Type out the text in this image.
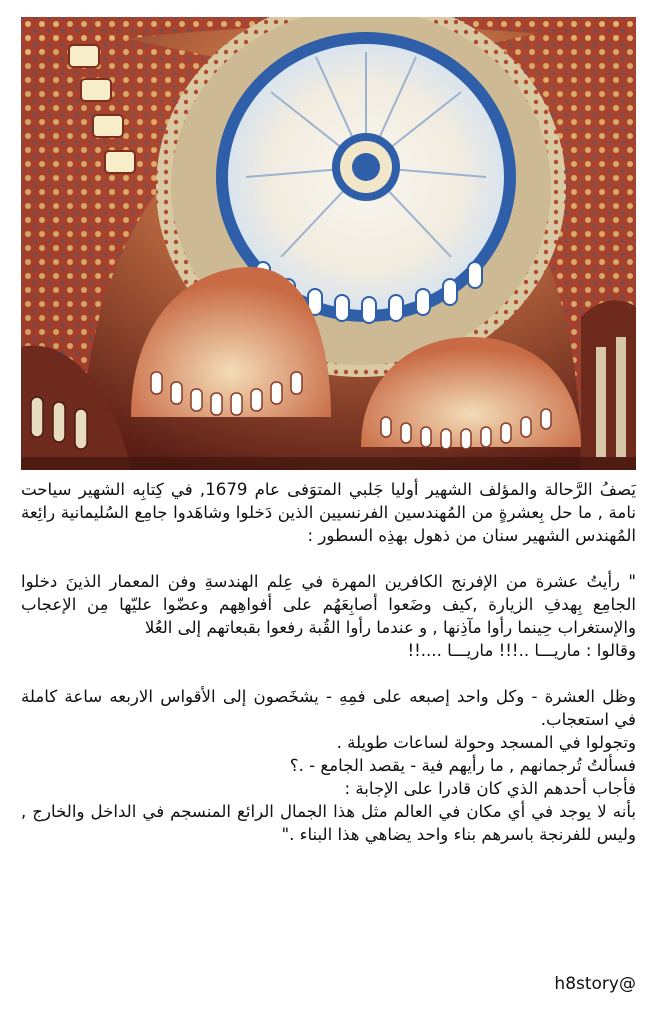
يَصفُ الرَّحالة والمؤلف الشهير أوليا جَلبي المتوَفى عام 1679, في كِتابِه الشهير سياحت نامة , ما حل بِعشرةٍ من المُهندسين الفرنسيين الذين دَخلوا وشاهَدوا جامِع السُليمانية رائِعة المُهندس الشهير سنان من ذهول بهذِه السطور :

" رأيتُ عشرة من الإفرنج الكافرين المهرة في عِلم الهندسةِ وفن المعمار الذينَ دخلوا الجامِع بِهدفِ الزيارة ,كيف وضَعوا أصابِعَهُم على أفواهِهم وعضّوا عليّها مِن الإعجاب والإستغراب حِينما رأوا مآذِنها , و عندما رأوا القُبة رفعوا بقبعاتهم إلى العُلا

وقالوا : ماريـــا ..!!! ماريـــا ....!!

وظل العشرة - وكل واحد إصبعه على فمِهِ - يشخَصون إلى الأقواس الاربعه ساعة كاملة في استعجاب.

وتجولوا في المسجد وحولة لساعات طويلة .

فسألتُ تُرجمانهم , ما رأيهم فية - يقصد الجامع - .؟

فأجاب أحدهم الذي كان قادرا على الإجابة :

بأنه لا يوجد في أي مكان في العالم مثل هذا الجمال الرائع المنسجم في الداخل والخارج , وليس للفرنجة باسرهم بناء واحد يضاهي هذا البناء ."

h8story@
